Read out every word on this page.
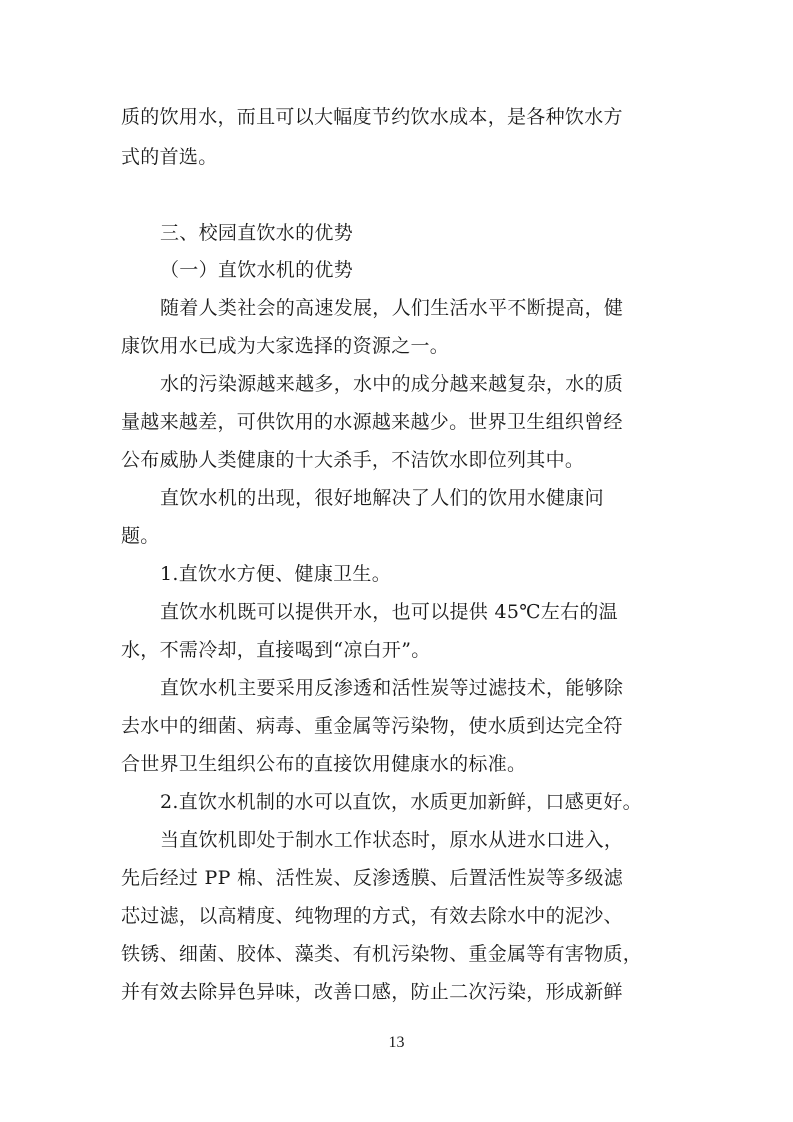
质的饮用水，而且可以大幅度节约饮水成本，是各种饮水方
式的首选。
三、校园直饮水的优势
（一）直饮水机的优势
随着人类社会的高速发展，人们生活水平不断提高，健
康饮用水已成为大家选择的资源之一。
水的污染源越来越多，水中的成分越来越复杂，水的质
量越来越差，可供饮用的水源越来越少。世界卫生组织曾经
公布威胁人类健康的十大杀手，不洁饮水即位列其中。
直饮水机的出现，很好地解决了人们的饮用水健康问
题。
1.直饮水方便、健康卫生。
直饮水机既可以提供开水，也可以提供 45℃左右的温
水，不需冷却，直接喝到“凉白开”。
直饮水机主要采用反渗透和活性炭等过滤技术，能够除
去水中的细菌、病毒、重金属等污染物，使水质到达完全符
合世界卫生组织公布的直接饮用健康水的标准。
2.直饮水机制的水可以直饮，水质更加新鲜，口感更好。
当直饮机即处于制水工作状态时，原水从进水口进入，
先后经过 PP 棉、活性炭、反渗透膜、后置活性炭等多级滤
芯过滤，以高精度、纯物理的方式，有效去除水中的泥沙、
铁锈、细菌、胶体、藻类、有机污染物、重金属等有害物质，
并有效去除异色异味，改善口感，防止二次污染，形成新鲜
13
